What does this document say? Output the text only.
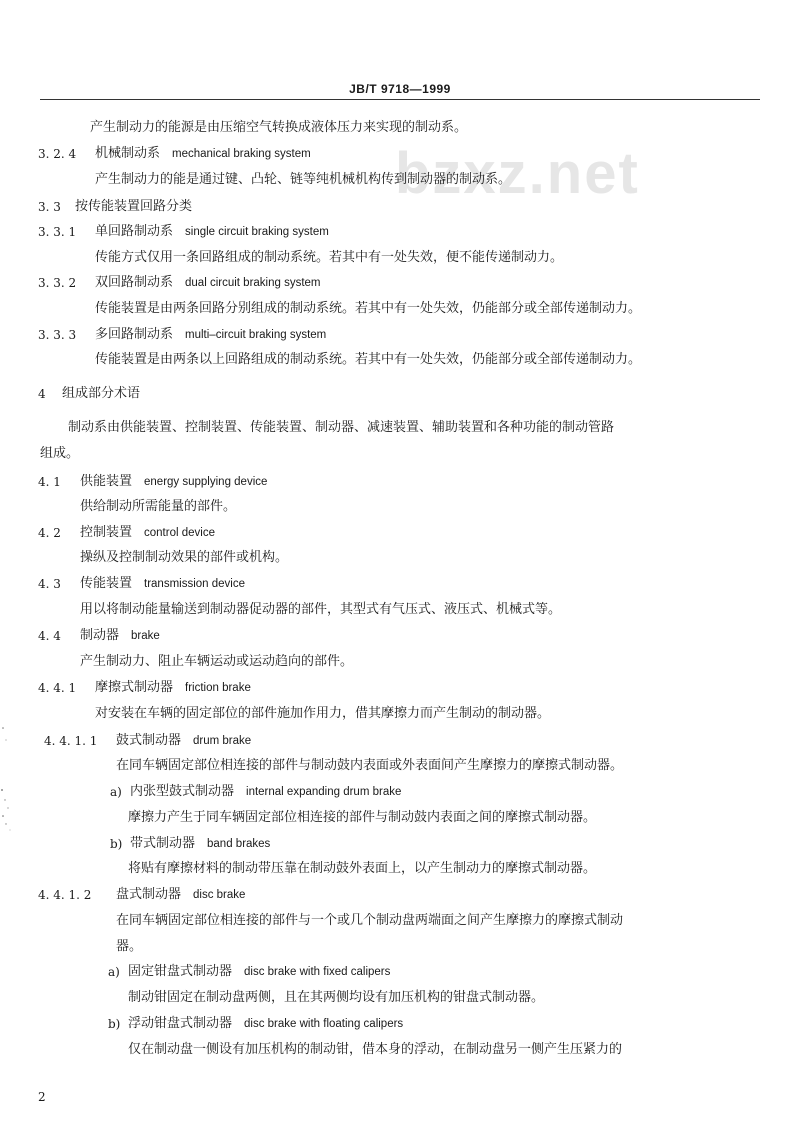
JB/T 9718—1999
bzxz.net
产生制动力的能源是由压缩空气转换成液体压力来实现的制动系。
3. 2. 4 机械制动系 mechanical braking system
产生制动力的能是通过键、凸轮、链等纯机械机构传到制动器的制动系。
3. 3 按传能装置回路分类
3. 3. 1 单回路制动系 single circuit braking system
传能方式仅用一条回路组成的制动系统。若其中有一处失效，便不能传递制动力。
3. 3. 2 双回路制动系 dual circuit braking system
传能装置是由两条回路分别组成的制动系统。若其中有一处失效，仍能部分或全部传递制动力。
3. 3. 3 多回路制动系 multi–circuit braking system
传能装置是由两条以上回路组成的制动系统。若其中有一处失效，仍能部分或全部传递制动力。
4 组成部分术语
制动系由供能装置、控制装置、传能装置、制动器、减速装置、辅助装置和各种功能的制动管路
组成。
4. 1 供能装置 energy supplying device
供给制动所需能量的部件。
4. 2 控制装置 control device
操纵及控制制动效果的部件或机构。
4. 3 传能装置 transmission device
用以将制动能量输送到制动器促动器的部件，其型式有气压式、液压式、机械式等。
4. 4 制动器 brake
产生制动力、阻止车辆运动或运动趋向的部件。
4. 4. 1 摩擦式制动器 friction brake
对安装在车辆的固定部位的部件施加作用力，借其摩擦力而产生制动的制动器。
4. 4. 1. 1 鼓式制动器 drum brake
在同车辆固定部位相连接的部件与制动鼓内表面或外表面间产生摩擦力的摩擦式制动器。
a) 内张型鼓式制动器 internal expanding drum brake
摩擦力产生于同车辆固定部位相连接的部件与制动鼓内表面之间的摩擦式制动器。
b) 带式制动器 band brakes
将贴有摩擦材料的制动带压靠在制动鼓外表面上，以产生制动力的摩擦式制动器。
4. 4. 1. 2 盘式制动器 disc brake
在同车辆固定部位相连接的部件与一个或几个制动盘两端面之间产生摩擦力的摩擦式制动
器。
a) 固定钳盘式制动器 disc brake with fixed calipers
制动钳固定在制动盘两侧，且在其两侧均设有加压机构的钳盘式制动器。
b) 浮动钳盘式制动器 disc brake with floating calipers
仅在制动盘一侧设有加压机构的制动钳，借本身的浮动，在制动盘另一侧产生压紧力的
2
